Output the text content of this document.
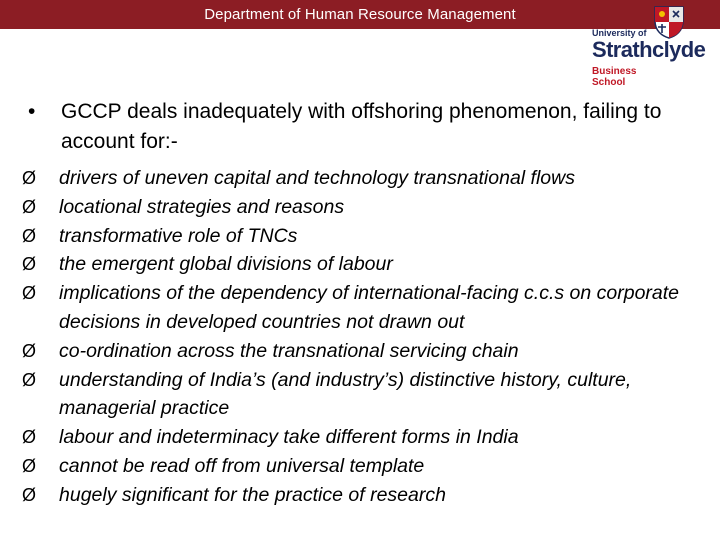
Department of Human Resource Management
University of
Strathclyde
Business
School
• GCCP deals inadequately with offshoring phenomenon, failing to account for:-
Ø drivers of uneven capital and technology transnational flows
Ø locational strategies and reasons
Ø transformative role of TNCs
Ø the emergent global divisions of labour
Ø implications of the dependency of international-facing c.c.s on corporate decisions in developed countries not drawn out
Ø co-ordination across the transnational servicing chain
Ø understanding of India’s (and industry’s) distinctive history, culture, managerial practice
Ø labour and indeterminacy take different forms in India
Ø cannot be read off from universal template
Ø hugely significant for the practice of research
